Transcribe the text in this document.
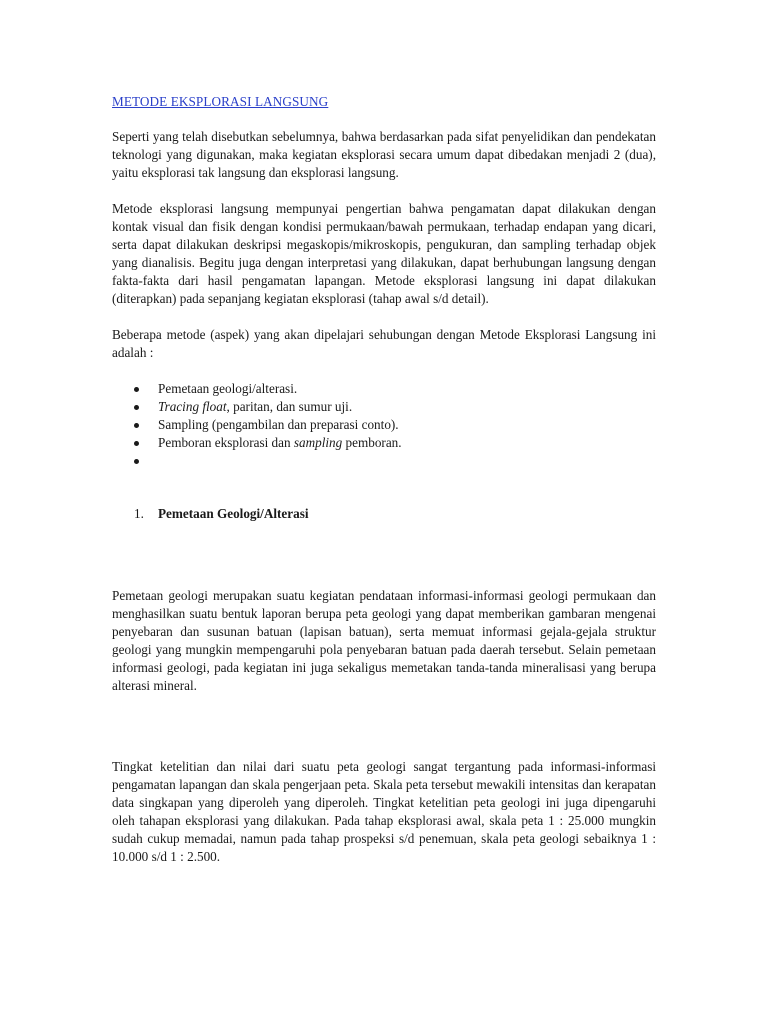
METODE EKSPLORASI LANGSUNG

Seperti yang telah disebutkan sebelumnya, bahwa berdasarkan pada sifat penyelidikan dan pendekatan teknologi yang digunakan, maka kegiatan eksplorasi secara umum dapat dibedakan menjadi 2 (dua), yaitu eksplorasi tak langsung dan eksplorasi langsung.

Metode eksplorasi langsung mempunyai pengertian bahwa pengamatan dapat dilakukan dengan kontak visual dan fisik dengan kondisi permukaan/bawah permukaan, terhadap endapan yang dicari, serta dapat dilakukan deskripsi megaskopis/mikroskopis, pengukuran, dan sampling terhadap objek yang dianalisis. Begitu juga dengan interpretasi yang dilakukan, dapat berhubungan langsung dengan fakta-fakta dari hasil pengamatan lapangan. Metode eksplorasi langsung ini dapat dilakukan (diterapkan) pada sepanjang kegiatan eksplorasi (tahap awal s/d detail).

Beberapa metode (aspek) yang akan dipelajari sehubungan dengan Metode Eksplorasi Langsung ini adalah :

Pemetaan geologi/alterasi.
Tracing float, paritan, dan sumur uji.
Sampling (pengambilan dan preparasi conto).
Pemboran eksplorasi dan sampling pemboran.
1. Pemetaan Geologi/Alterasi

Pemetaan geologi merupakan suatu kegiatan pendataan informasi-informasi geologi permukaan dan menghasilkan suatu bentuk laporan berupa peta geologi yang dapat memberikan gambaran mengenai penyebaran dan susunan batuan (lapisan batuan), serta memuat informasi gejala-gejala struktur geologi yang mungkin mempengaruhi pola penyebaran batuan pada daerah tersebut. Selain pemetaan informasi geologi, pada kegiatan ini juga sekaligus memetakan tanda-tanda mineralisasi yang berupa alterasi mineral.

Tingkat ketelitian dan nilai dari suatu peta geologi sangat tergantung pada informasi-informasi pengamatan lapangan dan skala pengerjaan peta. Skala peta tersebut mewakili intensitas dan kerapatan data singkapan yang diperoleh yang diperoleh. Tingkat ketelitian peta geologi ini juga dipengaruhi oleh tahapan eksplorasi yang dilakukan. Pada tahap eksplorasi awal, skala peta 1 : 25.000 mungkin sudah cukup memadai, namun pada tahap prospeksi s/d penemuan, skala peta geologi sebaiknya 1 : 10.000 s/d 1 : 2.500.
